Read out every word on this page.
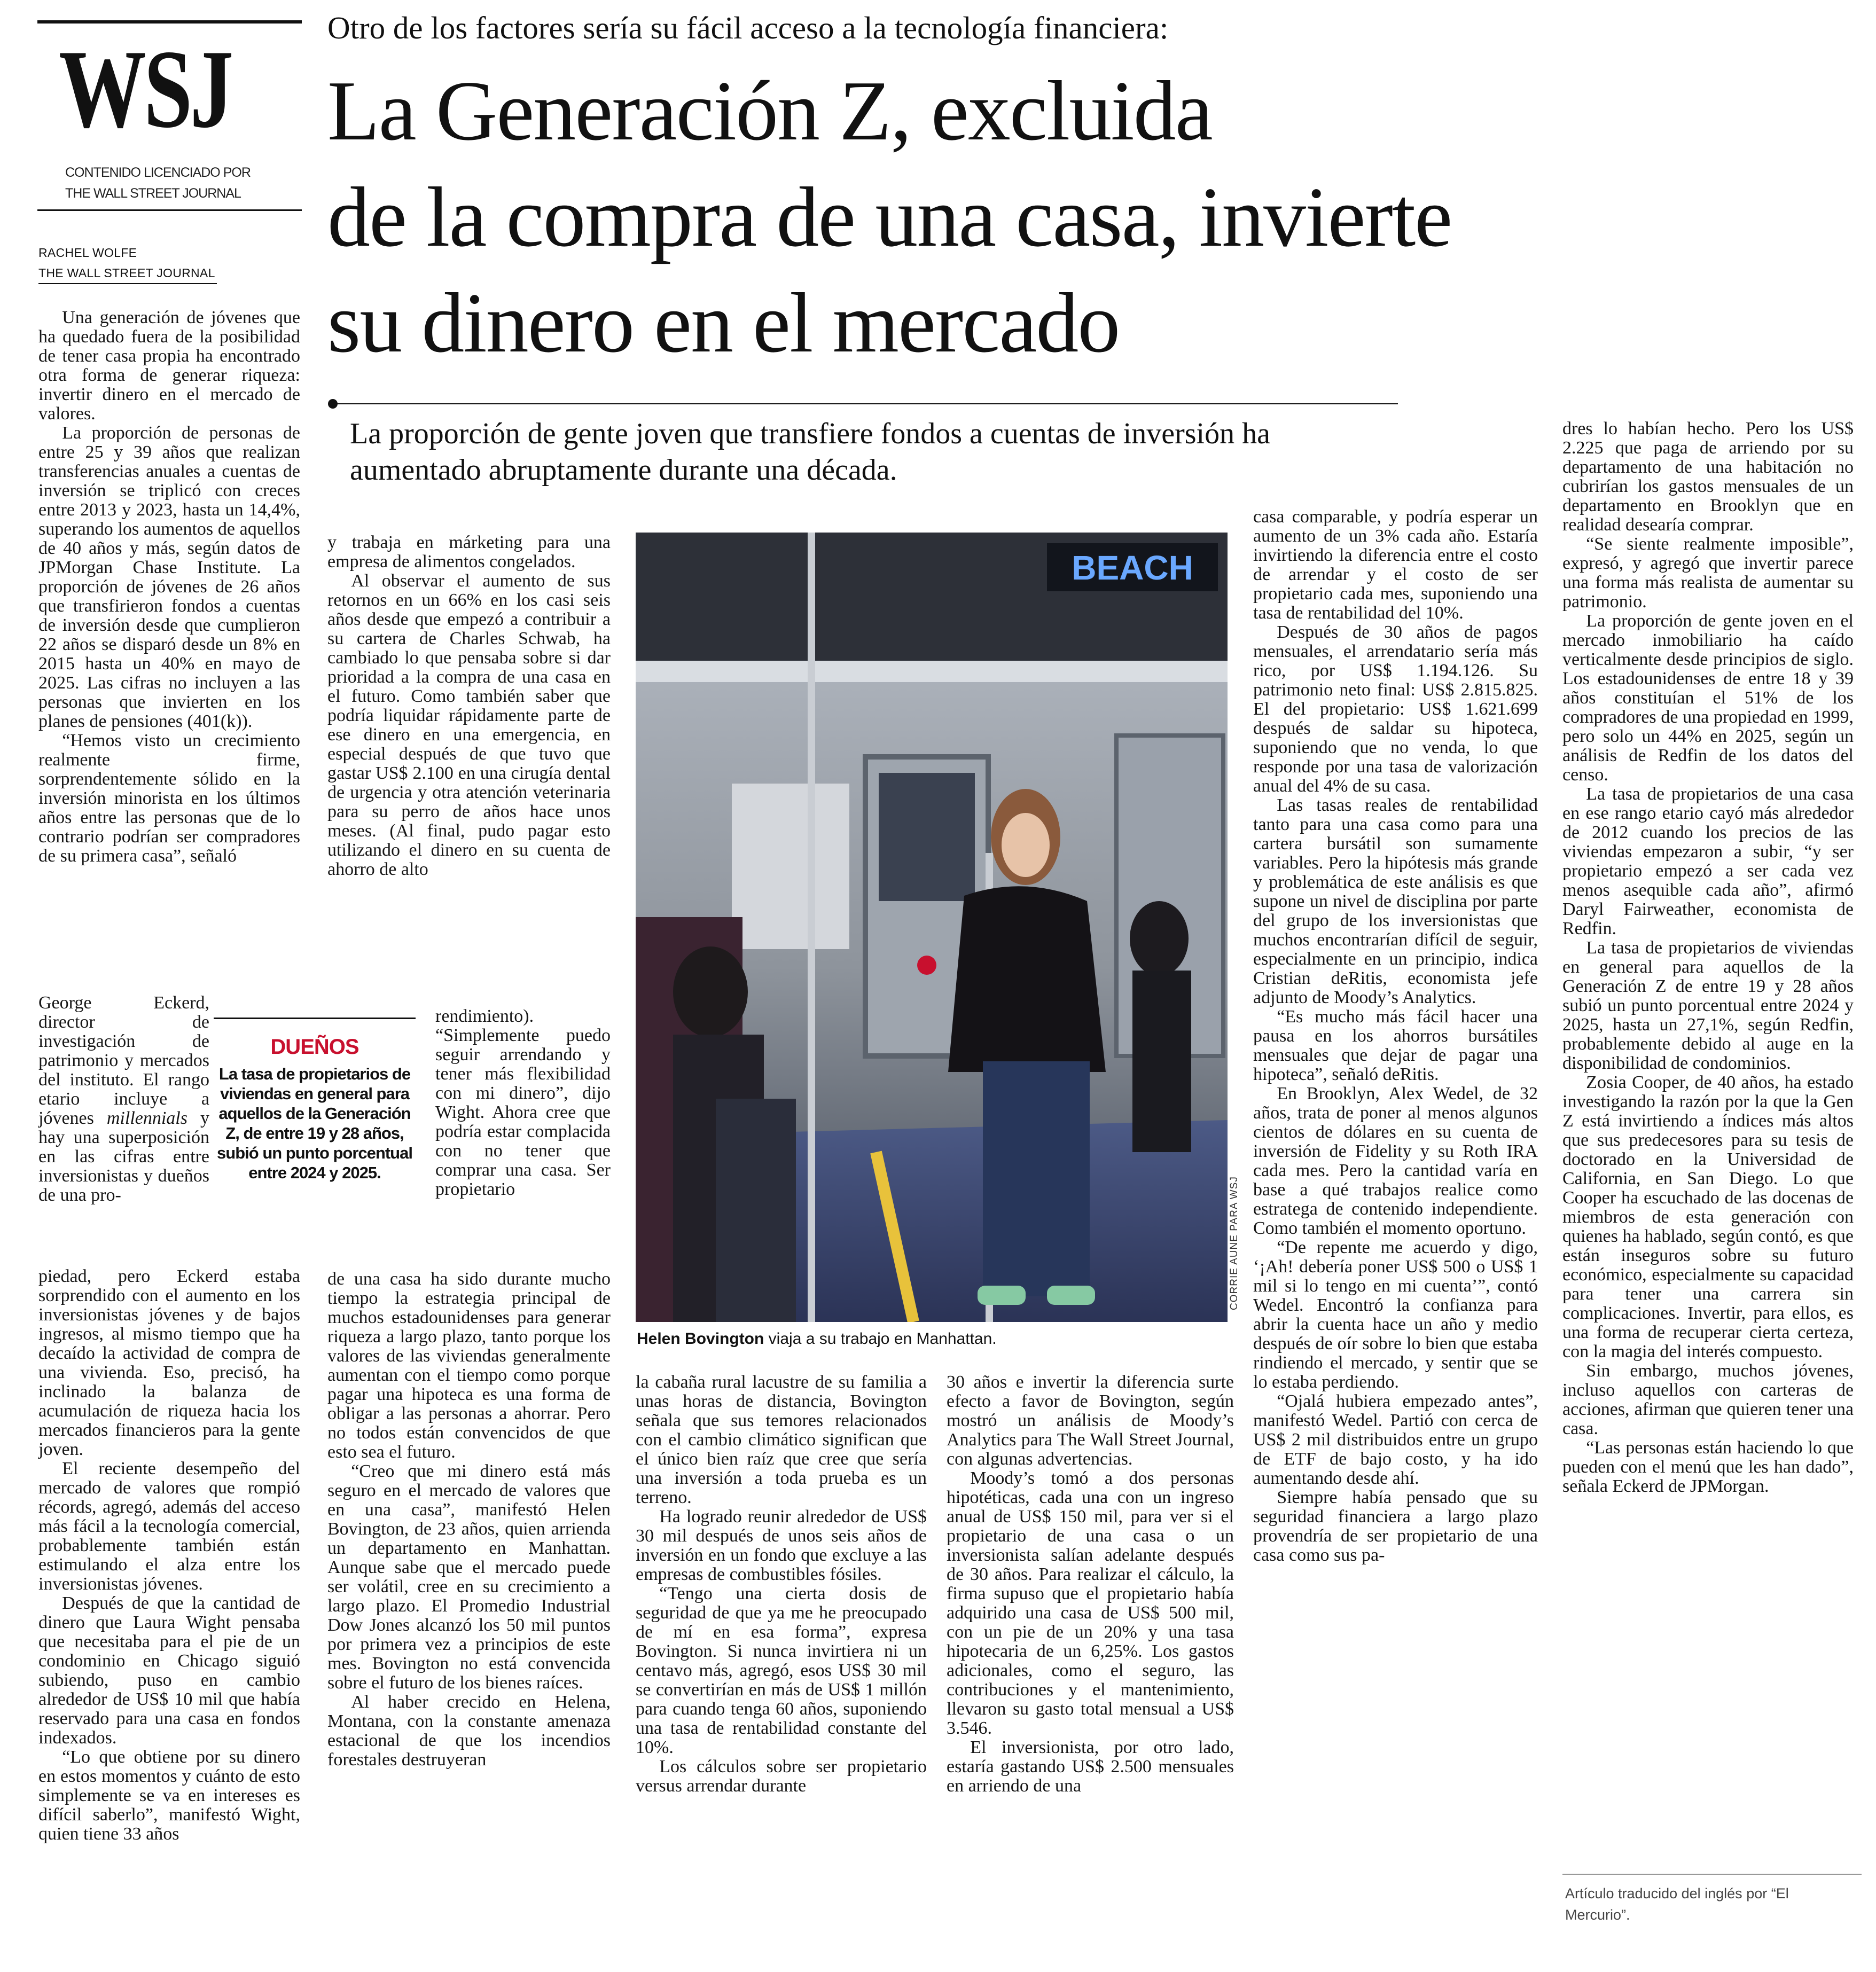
WSJ
CONTENIDO LICENCIADO POR
THE WALL STREET JOURNAL
RACHEL WOLFE
THE WALL STREET JOURNAL
Otro de los factores sería su fácil acceso a la tecnología financiera:
La Generación Z, excluida
de la compra de una casa, invierte
su dinero en el mercado
La proporción de gente joven que transfiere fondos a cuentas de inversión ha aumentado abruptamente durante una década.

Una generación de jóvenes que ha quedado fuera de la posibilidad de tener casa propia ha encontrado otra forma de generar riqueza: invertir dinero en el mercado de valores.

La proporción de personas de entre 25 y 39 años que realizan transferencias anuales a cuentas de inversión se triplicó con creces entre 2013 y 2023, hasta un 14,4%, superando los aumentos de aquellos de 40 años y más, según datos de JPMorgan Chase Institute. La proporción de jóvenes de 26 años que transfirieron fondos a cuentas de inversión desde que cumplieron 22 años se disparó desde un 8% en 2015 hasta un 40% en mayo de 2025. Las cifras no incluyen a las personas que invierten en los planes de pensiones (401(k)).

“Hemos visto un crecimiento realmente firme, sorprendentemente sólido en la inversión minorista en los últimos años entre las personas que de lo contrario podrían ser compradores de su primera casa”, señaló

George Eckerd, director de investigación de patrimonio y mercados del instituto. El rango etario incluye a jóvenes millennials y hay una superposición en las cifras entre inversionistas y dueños de una pro-

piedad, pero Eckerd estaba sorprendido con el aumento en los inversionistas jóvenes y de bajos ingresos, al mismo tiempo que ha decaído la actividad de compra de una vivienda. Eso, precisó, ha inclinado la balanza de acumulación de riqueza hacia los mercados financieros para la gente joven.

El reciente desempeño del mercado de valores que rompió récords, agregó, además del acceso más fácil a la tecnología comercial, probablemente también están estimulando el alza entre los inversionistas jóvenes.

Después de que la cantidad de dinero que Laura Wight pensaba que necesitaba para el pie de un condominio en Chicago siguió subiendo, puso en cambio alrededor de US$ 10 mil que había reservado para una casa en fondos indexados.

“Lo que obtiene por su dinero en estos momentos y cuánto de esto simplemente se va en intereses es difícil saberlo”, manifestó Wight, quien tiene 33 años

DUEÑOS
La tasa de propietarios de viviendas en general para aquellos de la Generación Z, de entre 19 y 28 años, subió un punto porcentual entre 2024 y 2025.

y trabaja en márketing para una empresa de alimentos congelados.

Al observar el aumento de sus retornos en un 66% en los casi seis años desde que empezó a contribuir a su cartera de Charles Schwab, ha cambiado lo que pensaba sobre si dar prioridad a la compra de una casa en el futuro. Como también saber que podría liquidar rápidamente parte de ese dinero en una emergencia, en especial después de que tuvo que gastar US$ 2.100 en una cirugía dental de urgencia y otra atención veterinaria para su perro de años hace unos meses. (Al final, pudo pagar esto utilizando el dinero en su cuenta de ahorro de alto

rendimiento). “Simplemente puedo seguir arrendando y tener más flexibilidad con mi dinero”, dijo Wight. Ahora cree que podría estar complacida con no tener que comprar una casa. Ser propietario

de una casa ha sido durante mucho tiempo la estrategia principal de muchos estadounidenses para generar riqueza a largo plazo, tanto porque los valores de las viviendas generalmente aumentan con el tiempo como porque pagar una hipoteca es una forma de obligar a las personas a ahorrar. Pero no todos están convencidos de que esto sea el futuro.

“Creo que mi dinero está más seguro en el mercado de valores que en una casa”, manifestó Helen Bovington, de 23 años, quien arrienda un departamento en Manhattan. Aunque sabe que el mercado puede ser volátil, cree en su crecimiento a largo plazo. El Promedio Industrial Dow Jones alcanzó los 50 mil puntos por primera vez a principios de este mes. Bovington no está convencida sobre el futuro de los bienes raíces.

Al haber crecido en Helena, Montana, con la constante amenaza estacional de que los incendios forestales destruyeran

BEACH
CORRIE AUNE PARA WSJ
Helen Bovington viaja a su trabajo en Manhattan.

la cabaña rural lacustre de su familia a unas horas de distancia, Bovington señala que sus temores relacionados con el cambio climático significan que el único bien raíz que cree que sería una inversión a toda prueba es un terreno.

Ha logrado reunir alrededor de US$ 30 mil después de unos seis años de inversión en un fondo que excluye a las empresas de combustibles fósiles.

“Tengo una cierta dosis de seguridad de que ya me he preocupado de mí en esa forma”, expresa Bovington. Si nunca invirtiera ni un centavo más, agregó, esos US$ 30 mil se convertirían en más de US$ 1 millón para cuando tenga 60 años, suponiendo una tasa de rentabilidad constante del 10%.

Los cálculos sobre ser propietario versus arrendar durante

30 años e invertir la diferencia surte efecto a favor de Bovington, según mostró un análisis de Moody’s Analytics para The Wall Street Journal, con algunas advertencias.

Moody’s tomó a dos personas hipotéticas, cada una con un ingreso anual de US$ 150 mil, para ver si el propietario de una casa o un inversionista salían adelante después de 30 años. Para realizar el cálculo, la firma supuso que el propietario había adquirido una casa de US$ 500 mil, con un pie de un 20% y una tasa hipotecaria de un 6,25%. Los gastos adicionales, como el seguro, las contribuciones y el mantenimiento, llevaron su gasto total mensual a US$ 3.546.

El inversionista, por otro lado, estaría gastando US$ 2.500 mensuales en arriendo de una

casa comparable, y podría esperar un aumento de un 3% cada año. Estaría invirtiendo la diferencia entre el costo de arrendar y el costo de ser propietario cada mes, suponiendo una tasa de rentabilidad del 10%.

Después de 30 años de pagos mensuales, el arrendatario sería más rico, por US$ 1.194.126. Su patrimonio neto final: US$ 2.815.825. El del propietario: US$ 1.621.699 después de saldar su hipoteca, suponiendo que no venda, lo que responde por una tasa de valorización anual del 4% de su casa.

Las tasas reales de rentabilidad tanto para una casa como para una cartera bursátil son sumamente variables. Pero la hipótesis más grande y problemática de este análisis es que supone un nivel de disciplina por parte del grupo de los inversionistas que muchos encontrarían difícil de seguir, especialmente en un principio, indica Cristian deRitis, economista jefe adjunto de Moody’s Analytics.

“Es mucho más fácil hacer una pausa en los ahorros bursátiles mensuales que dejar de pagar una hipoteca”, señaló deRitis.

En Brooklyn, Alex Wedel, de 32 años, trata de poner al menos algunos cientos de dólares en su cuenta de inversión de Fidelity y su Roth IRA cada mes. Pero la cantidad varía en base a qué trabajos realice como estratega de contenido independiente. Como también el momento oportuno.

“De repente me acuerdo y digo, ‘¡Ah! debería poner US$ 500 o US$ 1 mil si lo tengo en mi cuenta’”, contó Wedel. Encontró la confianza para abrir la cuenta hace un año y medio después de oír sobre lo bien que estaba rindiendo el mercado, y sentir que se lo estaba perdiendo.

“Ojalá hubiera empezado antes”, manifestó Wedel. Partió con cerca de US$ 2 mil distribuidos entre un grupo de ETF de bajo costo, y ha ido aumentando desde ahí.

Siempre había pensado que su seguridad financiera a largo plazo provendría de ser propietario de una casa como sus pa-

dres lo habían hecho. Pero los US$ 2.225 que paga de arriendo por su departamento de una habitación no cubrirían los gastos mensuales de un departamento en Brooklyn que en realidad desearía comprar.

“Se siente realmente imposible”, expresó, y agregó que invertir parece una forma más realista de aumentar su patrimonio.

La proporción de gente joven en el mercado inmobiliario ha caído verticalmente desde principios de siglo. Los estadounidenses de entre 18 y 39 años constituían el 51% de los compradores de una propiedad en 1999, pero solo un 44% en 2025, según un análisis de Redfin de los datos del censo.

La tasa de propietarios de una casa en ese rango etario cayó más alrededor de 2012 cuando los precios de las viviendas empezaron a subir, “y ser propietario empezó a ser cada vez menos asequible cada año”, afirmó Daryl Fairweather, economista de Redfin.

La tasa de propietarios de viviendas en general para aquellos de la Generación Z de entre 19 y 28 años subió un punto porcentual entre 2024 y 2025, hasta un 27,1%, según Redfin, probablemente debido al auge en la disponibilidad de condominios.

Zosia Cooper, de 40 años, ha estado investigando la razón por la que la Gen Z está invirtiendo a índices más altos que sus predecesores para su tesis de doctorado en la Universidad de California, en San Diego. Lo que Cooper ha escuchado de las docenas de miembros de esta generación con quienes ha hablado, según contó, es que están inseguros sobre su futuro económico, especialmente su capacidad para tener una carrera sin complicaciones. Invertir, para ellos, es una forma de recuperar cierta certeza, con la magia del interés compuesto.

Sin embargo, muchos jóvenes, incluso aquellos con carteras de acciones, afirman que quieren tener una casa.

“Las personas están haciendo lo que pueden con el menú que les han dado”, señala Eckerd de JPMorgan.

Artículo traducido del inglés por “El Mercurio”.
